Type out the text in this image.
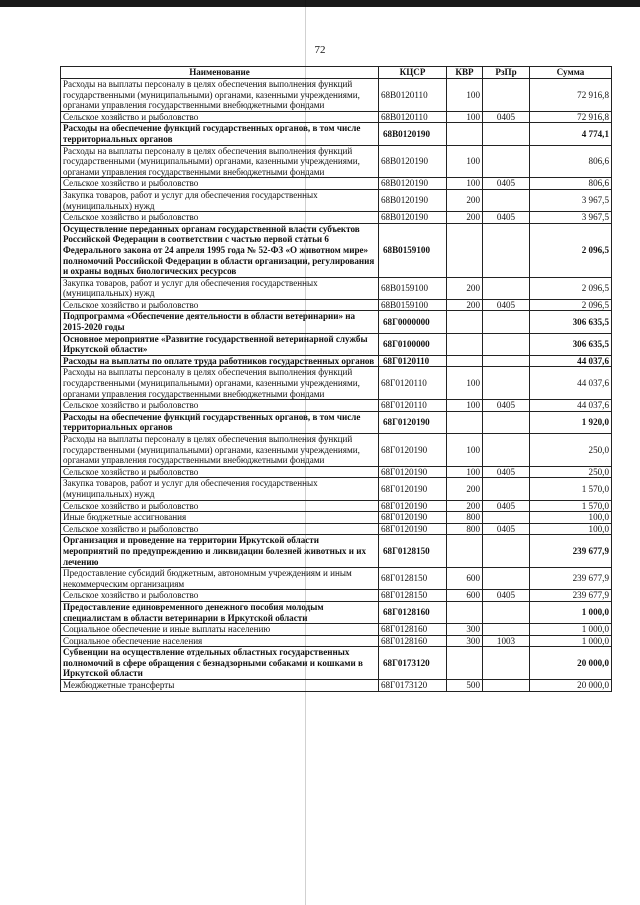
72
Наименование	КЦСР	КВР	РзПр	Сумма
Расходы на выплаты персоналу в целях обеспечения выполнения функций государственными (муниципальными) органами, казенными учреждениями, органами управления государственными внебюджетными фондами	68В0120110	100		72 916,8
Сельское хозяйство и рыболовство	68В0120110	100	0405	72 916,8
Расходы на обеспечение функций государственных органов, в том числе территориальных органов	68В0120190			4 774,1
Расходы на выплаты персоналу в целях обеспечения выполнения функций государственными (муниципальными) органами, казенными учреждениями, органами управления государственными внебюджетными фондами	68В0120190	100		806,6
Сельское хозяйство и рыболовство	68В0120190	100	0405	806,6
Закупка товаров, работ и услуг для обеспечения государственных (муниципальных) нужд	68В0120190	200		3 967,5
Сельское хозяйство и рыболовство	68В0120190	200	0405	3 967,5
Осуществление переданных органам государственной власти субъектов Российской Федерации в соответствии с частью первой статьи 6 Федерального закона от 24 апреля 1995 года № 52-ФЗ «О животном мире» полномочий Российской Федерации в области организации, регулирования и охраны водных биологических ресурсов	68В0159100			2 096,5
Закупка товаров, работ и услуг для обеспечения государственных (муниципальных) нужд	68В0159100	200		2 096,5
Сельское хозяйство и рыболовство	68В0159100	200	0405	2 096,5
Подпрограмма «Обеспечение деятельности в области ветеринарии» на 2015-2020 годы	68Г0000000			306 635,5
Основное мероприятие «Развитие государственной ветеринарной службы Иркутской области»	68Г0100000			306 635,5
Расходы на выплаты по оплате труда работников государственных органов	68Г0120110			44 037,6
Расходы на выплаты персоналу в целях обеспечения выполнения функций государственными (муниципальными) органами, казенными учреждениями, органами управления государственными внебюджетными фондами	68Г0120110	100		44 037,6
Сельское хозяйство и рыболовство	68Г0120110	100	0405	44 037,6
Расходы на обеспечение функций государственных органов, в том числе территориальных органов	68Г0120190			1 920,0
Расходы на выплаты персоналу в целях обеспечения выполнения функций государственными (муниципальными) органами, казенными учреждениями, органами управления государственными внебюджетными фондами	68Г0120190	100		250,0
Сельское хозяйство и рыболовство	68Г0120190	100	0405	250,0
Закупка товаров, работ и услуг для обеспечения государственных (муниципальных) нужд	68Г0120190	200		1 570,0
Сельское хозяйство и рыболовство	68Г0120190	200	0405	1 570,0
Иные бюджетные ассигнования	68Г0120190	800		100,0
Сельское хозяйство и рыболовство	68Г0120190	800	0405	100,0
Организация и проведение на территории Иркутской области мероприятий по предупреждению и ликвидации болезней животных и их лечению	68Г0128150			239 677,9
Предоставление субсидий бюджетным, автономным учреждениям и иным некоммерческим организациям	68Г0128150	600		239 677,9
Сельское хозяйство и рыболовство	68Г0128150	600	0405	239 677,9
Предоставление единовременного денежного пособия молодым специалистам в области ветеринарии в Иркутской области	68Г0128160			1 000,0
Социальное обеспечение и иные выплаты населению	68Г0128160	300		1 000,0
Социальное обеспечение населения	68Г0128160	300	1003	1 000,0
Субвенции на осуществление отдельных областных государственных полномочий в сфере обращения с безнадзорными собаками и кошками в Иркутской области	68Г0173120			20 000,0
Межбюджетные трансферты	68Г0173120	500		20 000,0
